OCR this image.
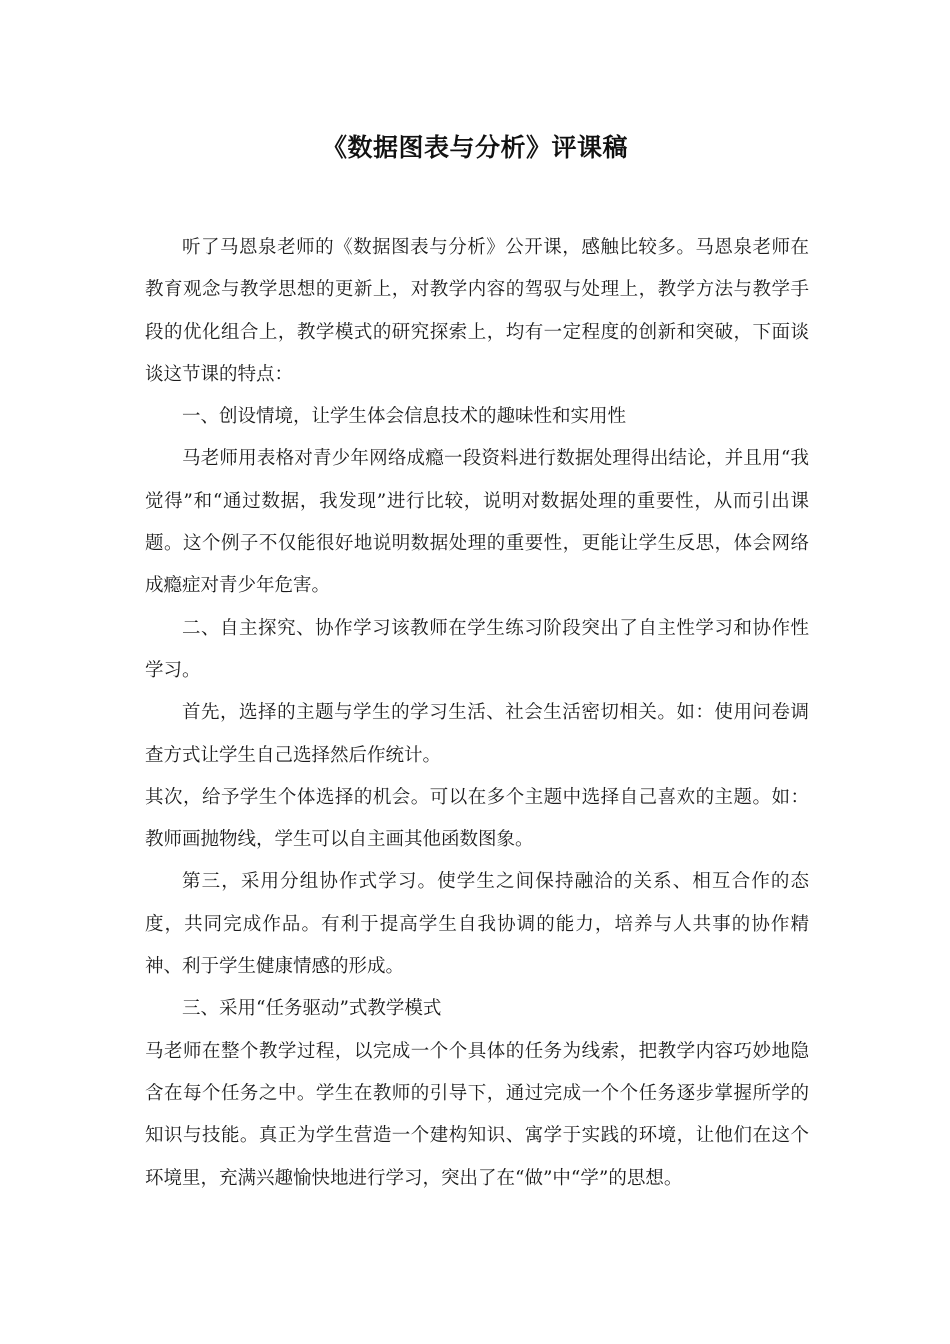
《数据图表与分析》评课稿

听了马恩泉老师的《数据图表与分析》公开课，感触比较多。马恩泉老师在教育观念与教学思想的更新上，对教学内容的驾驭与处理上，教学方法与教学手段的优化组合上，教学模式的研究探索上，均有一定程度的创新和突破，下面谈谈这节课的特点：

一、创设情境，让学生体会信息技术的趣味性和实用性

马老师用表格对青少年网络成瘾一段资料进行数据处理得出结论，并且用“我觉得”和“通过数据，我发现”进行比较，说明对数据处理的重要性，从而引出课题。这个例子不仅能很好地说明数据处理的重要性，更能让学生反思，体会网络成瘾症对青少年危害。

二、自主探究、协作学习该教师在学生练习阶段突出了自主性学习和协作性学习。

首先，选择的主题与学生的学习生活、社会生活密切相关。如：使用问卷调查方式让学生自己选择然后作统计。

其次，给予学生个体选择的机会。可以在多个主题中选择自己喜欢的主题。如：教师画抛物线，学生可以自主画其他函数图象。

第三，采用分组协作式学习。使学生之间保持融洽的关系、相互合作的态度，共同完成作品。有利于提高学生自我协调的能力，培养与人共事的协作精神、利于学生健康情感的形成。

三、采用“任务驱动”式教学模式

马老师在整个教学过程，以完成一个个具体的任务为线索，把教学内容巧妙地隐含在每个任务之中。学生在教师的引导下，通过完成一个个任务逐步掌握所学的知识与技能。真正为学生营造一个建构知识、寓学于实践的环境，让他们在这个环境里，充满兴趣愉快地进行学习，突出了在“做”中“学”的思想。
